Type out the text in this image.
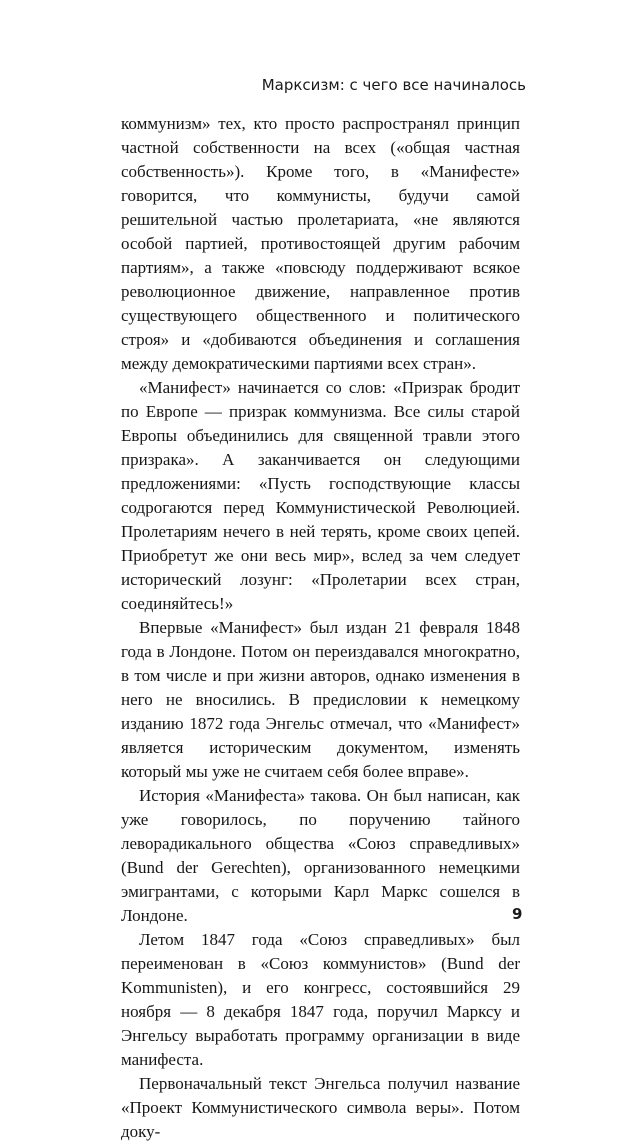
Марксизм: с чего все начиналось

коммунизм» тех, кто просто распространял принцип частной собственности на всех («общая частная собственность»). Кроме того, в «Манифесте» говорится, что коммунисты, будучи самой решительной частью пролетариата, «не являются особой партией, противостоящей другим рабочим партиям», а также «повсюду поддерживают всякое революционное движение, направленное против существующего общественного и политического строя» и «добиваются объединения и соглашения между демократическими партиями всех стран».

«Манифест» начинается со слов: «Призрак бродит по Европе — призрак коммунизма. Все силы старой Европы объединились для священной травли этого призрака». А заканчивается он следующими предложениями: «Пусть господствующие классы содрогаются перед Коммунистической Революцией. Пролетариям нечего в ней терять, кроме своих цепей. Приобретут же они весь мир», вслед за чем следует исторический лозунг: «Пролетарии всех стран, соединяйтесь!»

Впервые «Манифест» был издан 21 февраля 1848 года в Лондоне. Потом он переиздавался многократно, в том числе и при жизни авторов, однако изменения в него не вносились. В предисловии к немецкому изданию 1872 года Энгельс отмечал, что «Манифест» является историческим документом, изменять который мы уже не считаем себя более вправе».

История «Манифеста» такова. Он был написан, как уже говорилось, по поручению тайного леворадикального общества «Союз справедливых» (Bund der Gerechten), организованного немецкими эмигрантами, с которыми Карл Маркс сошелся в Лондоне.

Летом 1847 года «Союз справедливых» был переименован в «Союз коммунистов» (Bund der Kommunisten), и его конгресс, состоявшийся 29 ноября — 8 декабря 1847 года, поручил Марксу и Энгельсу выработать программу организации в виде манифеста.

Первоначальный текст Энгельса получил название «Проект Коммунистического символа веры». Потом доку-

9
